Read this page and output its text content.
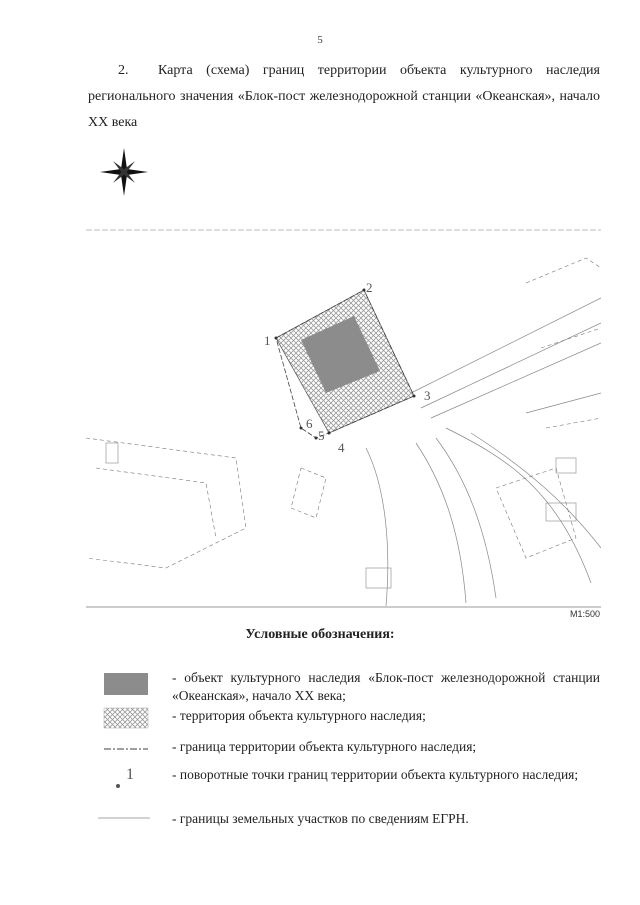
5
2. Карта (схема) границ территории объекта культурного наследия регионального значения «Блок-пост железнодорожной станции «Океанская», начало XX века
1
2
3
4
5
6
М1:500
Условные обозначения:
- объект культурного наследия «Блок-пост железнодорожной станции «Океанская», начало XX века;
- территория объекта культурного наследия;
- граница территории объекта культурного наследия;
1	- поворотные точки границ территории объекта культурного наследия;
- границы земельных участков по сведениям ЕГРН.
